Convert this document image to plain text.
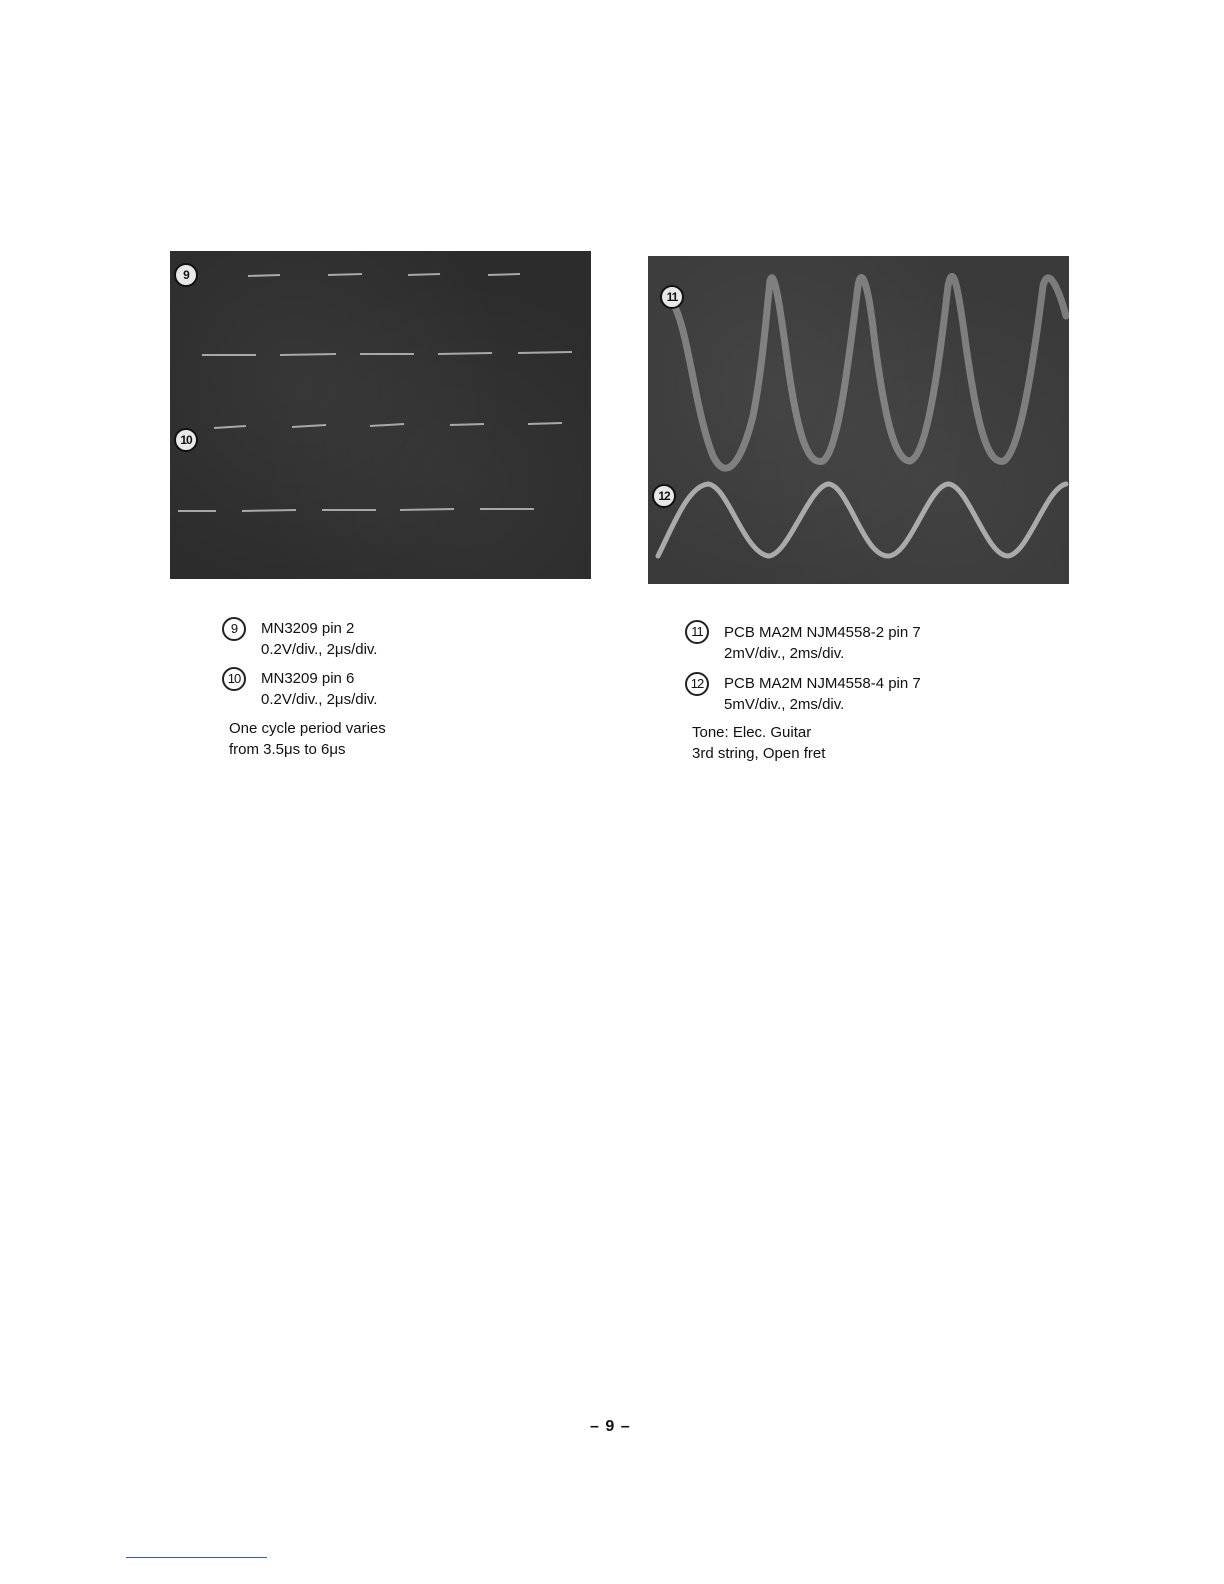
9
10
11
12
9	MN3209 pin 2
0.2V/div., 2μs/div.
10	MN3209 pin 6
0.2V/div., 2μs/div.
One cycle period varies
from 3.5μs to 6μs
11	PCB MA2M NJM4558-2 pin 7
2mV/div., 2ms/div.
12	PCB MA2M NJM4558-4 pin 7
5mV/div., 2ms/div.
Tone: Elec. Guitar
3rd string, Open fret
– 9 –
